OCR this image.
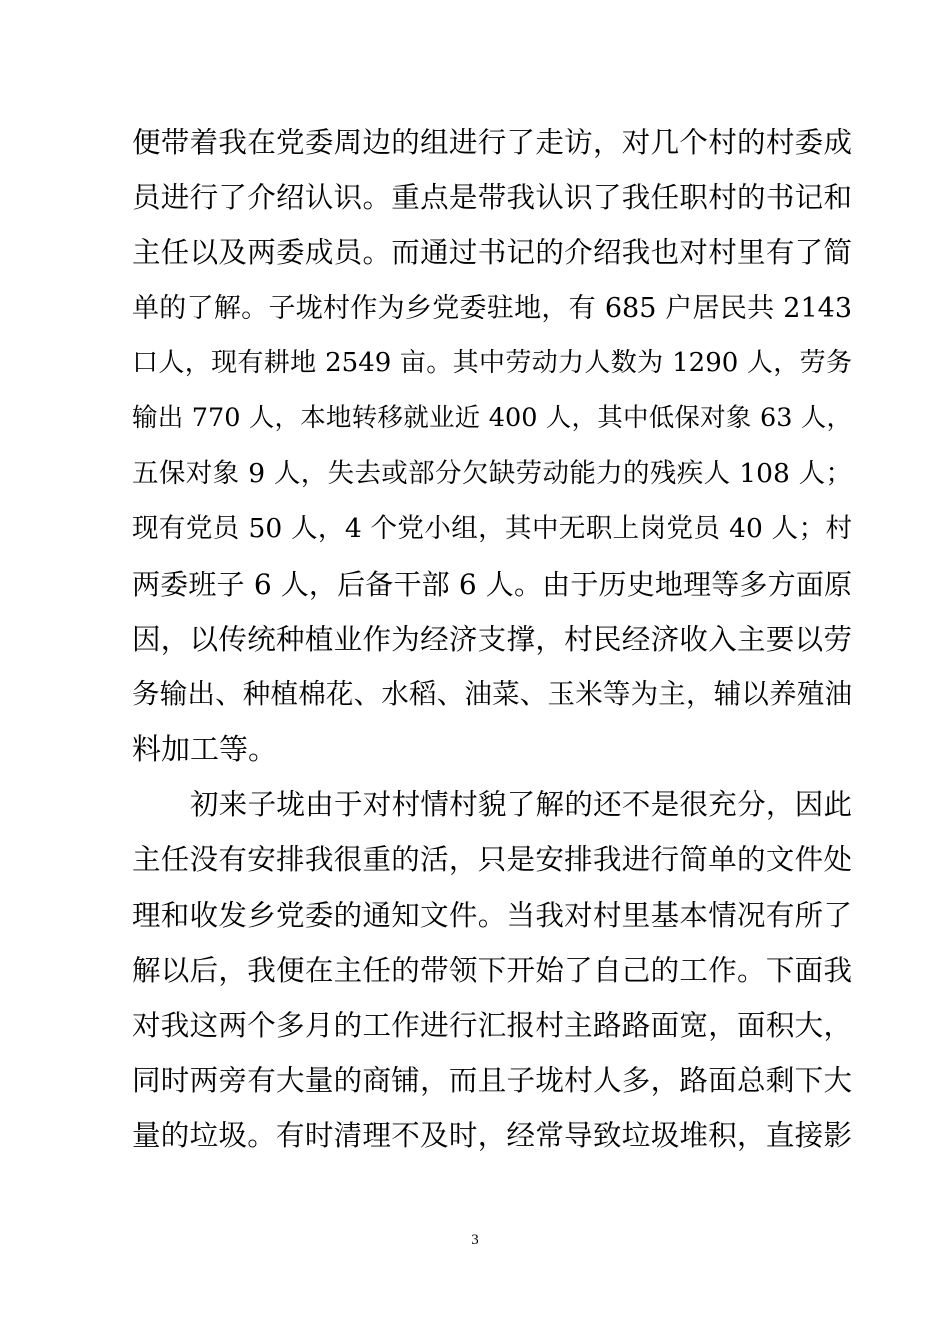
便带着我在党委周边的组进行了走访，对几个村的村委成
员进行了介绍认识。重点是带我认识了我任职村的书记和
主任以及两委成员。而通过书记的介绍我也对村里有了简
单的了解。子垅村作为乡党委驻地，有 685 户居民共 2143
口人，现有耕地 2549 亩。其中劳动力人数为 1290 人，劳务
输出 770 人，本地转移就业近 400 人，其中低保对象 63 人，
五保对象 9 人，失去或部分欠缺劳动能力的残疾人 108 人；
现有党员 50 人，4 个党小组，其中无职上岗党员 40 人；村
两委班子 6 人，后备干部 6 人。由于历史地理等多方面原
因，以传统种植业作为经济支撑，村民经济收入主要以劳
务输出、种植棉花、水稻、油菜、玉米等为主，辅以养殖油
料加工等。
初来子垅由于对村情村貌了解的还不是很充分，因此
主任没有安排我很重的活，只是安排我进行简单的文件处
理和收发乡党委的通知文件。当我对村里基本情况有所了
解以后，我便在主任的带领下开始了自己的工作。下面我
对我这两个多月的工作进行汇报村主路路面宽，面积大，
同时两旁有大量的商铺，而且子垅村人多，路面总剩下大
量的垃圾。有时清理不及时，经常导致垃圾堆积，直接影
3
